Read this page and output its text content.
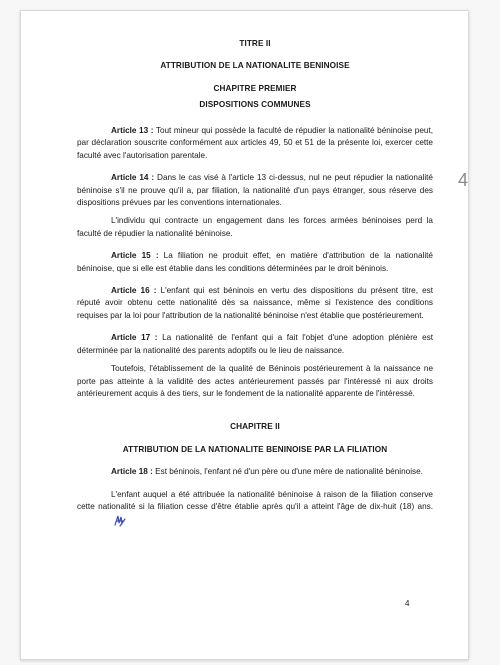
TITRE II
ATTRIBUTION DE LA NATIONALITE BENINOISE
CHAPITRE PREMIER
DISPOSITIONS COMMUNES

Article 13 : Tout mineur qui possède la faculté de répudier la nationalité béninoise peut, par déclaration souscrite conformément aux articles 49, 50 et 51 de la présente loi, exercer cette faculté avec l'autorisation parentale.

Article 14 : Dans le cas visé à l'article 13 ci-dessus, nul ne peut répudier la nationalité béninoise s'il ne prouve qu'il a, par filiation, la nationalité d'un pays étranger, sous réserve des dispositions prévues par les conventions internationales.

L'individu qui contracte un engagement dans les forces armées béninoises perd la faculté de répudier la nationalité béninoise.

Article 15 : La filiation ne produit effet, en matière d'attribution de la nationalité béninoise, que si elle est établie dans les conditions déterminées par le droit béninois.

Article 16 : L'enfant qui est béninois en vertu des dispositions du présent titre, est réputé avoir obtenu cette nationalité dès sa naissance, même si l'existence des conditions requises par la loi pour l'attribution de la nationalité béninoise n'est établie que postérieurement.

Article 17 : La nationalité de l'enfant qui a fait l'objet d'une adoption plénière est déterminée par la nationalité des parents adoptifs ou le lieu de naissance.

Toutefois, l'établissement de la qualité de Béninois postérieurement à la naissance ne porte pas atteinte à la validité des actes antérieurement passés par l'intéressé ni aux droits antérieurement acquis à des tiers, sur le fondement de la nationalité apparente de l'intéressé.

CHAPITRE II
ATTRIBUTION DE LA NATIONALITE BENINOISE PAR LA FILIATION

Article 18 : Est béninois, l'enfant né d'un père ou d'une mère de nationalité béninoise.

L'enfant auquel a été attribuée la nationalité béninoise à raison de la filiation conserve cette nationalité si la filiation cesse d'être établie après qu'il a atteint l'âge de dix-huit (18) ans.

4
4
